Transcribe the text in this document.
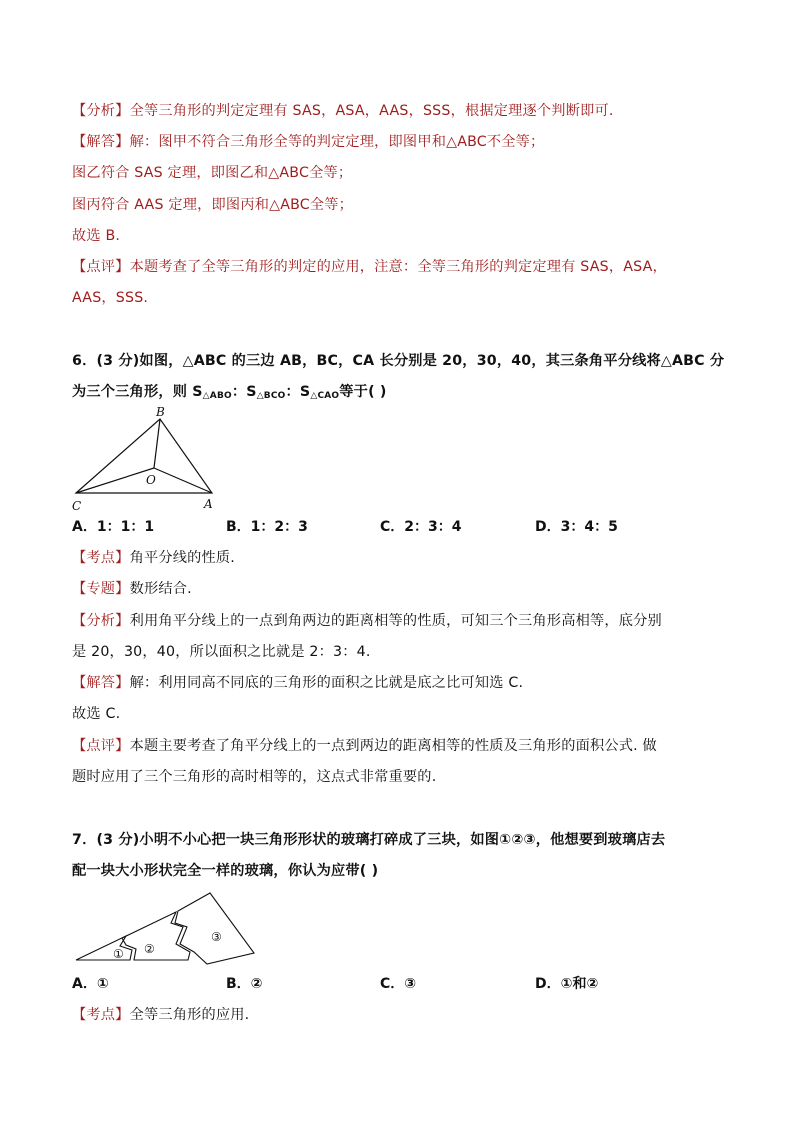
【分析】全等三角形的判定定理有 SAS，ASA，AAS，SSS，根据定理逐个判断即可.
【解答】解：图甲不符合三角形全等的判定定理，即图甲和△ABC不全等；
图乙符合 SAS 定理，即图乙和△ABC全等；
图丙符合 AAS 定理，即图丙和△ABC全等；
故选 B.
【点评】本题考查了全等三角形的判定的应用，注意：全等三角形的判定定理有 SAS，ASA，
AAS，SSS.
6．(3 分)如图，△ABC 的三边 AB，BC，CA 长分别是 20，30，40，其三条角平分线将△ABC 分
为三个三角形，则 $S_{\triangle ABO}$：$S_{\triangle BCO}$：$S_{\triangle CAO}$等于( )
B
O
C	A
A．1：1：1	B．1：2：3	C．2：3：4	D．3：4：5
【考点】角平分线的性质.
【专题】数形结合.
【分析】利用角平分线上的一点到角两边的距离相等的性质，可知三个三角形高相等，底分别
是 20，30，40，所以面积之比就是 2：3：4.
【解答】解：利用同高不同底的三角形的面积之比就是底之比可知选 C.
故选 C.
【点评】本题主要考查了角平分线上的一点到两边的距离相等的性质及三角形的面积公式. 做
题时应用了三个三角形的高时相等的，这点式非常重要的.
7．(3 分)小明不小心把一块三角形形状的玻璃打碎成了三块，如图①②③，他想要到玻璃店去
配一块大小形状完全一样的玻璃，你认为应带( )
① ②
③
A．①	B．②	C．③	D．①和②
【考点】全等三角形的应用.
